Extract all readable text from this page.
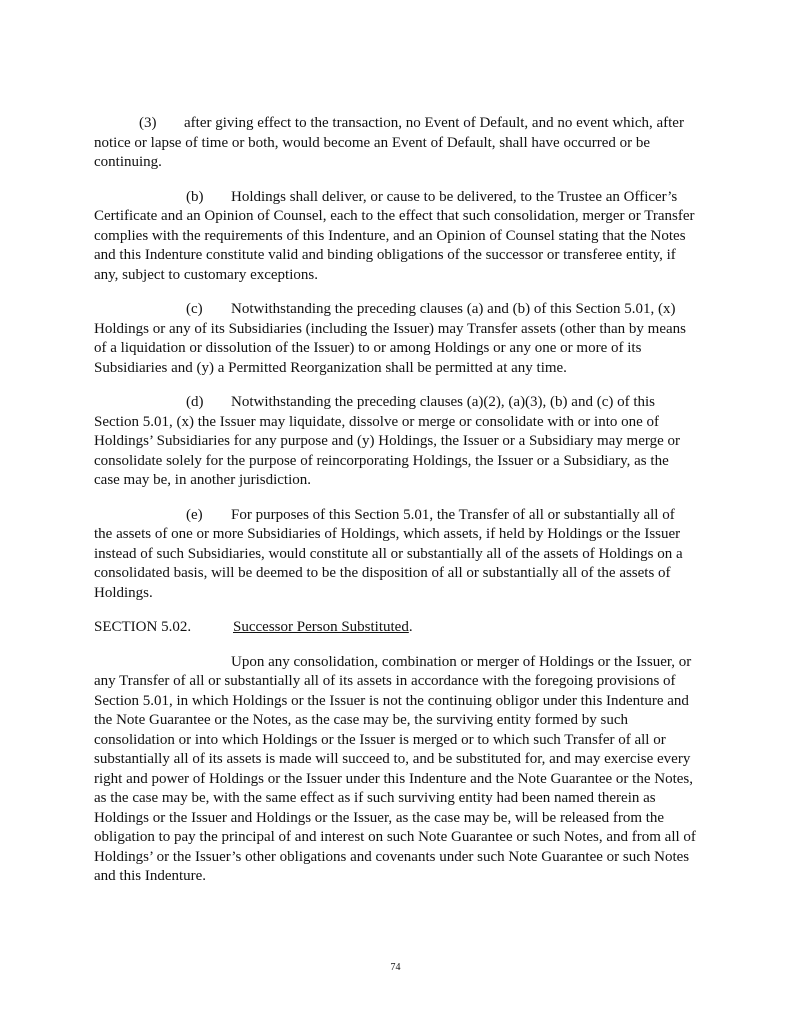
(3) after giving effect to the transaction, no Event of Default, and no event which, after notice or lapse of time or both, would become an Event of Default, shall have occurred or be continuing.

(b) Holdings shall deliver, or cause to be delivered, to the Trustee an Officer’s Certificate and an Opinion of Counsel, each to the effect that such consolidation, merger or Transfer complies with the requirements of this Indenture, and an Opinion of Counsel stating that the Notes and this Indenture constitute valid and binding obligations of the successor or transferee entity, if any, subject to customary exceptions.

(c) Notwithstanding the preceding clauses (a) and (b) of this Section 5.01, (x) Holdings or any of its Subsidiaries (including the Issuer) may Transfer assets (other than by means of a liquidation or dissolution of the Issuer) to or among Holdings or any one or more of its Subsidiaries and (y) a Permitted Reorganization shall be permitted at any time.

(d) Notwithstanding the preceding clauses (a)(2), (a)(3), (b) and (c) of this Section 5.01, (x) the Issuer may liquidate, dissolve or merge or consolidate with or into one of Holdings’ Subsidiaries for any purpose and (y) Holdings, the Issuer or a Subsidiary may merge or consolidate solely for the purpose of reincorporating Holdings, the Issuer or a Subsidiary, as the case may be, in another jurisdiction.

(e) For purposes of this Section 5.01, the Transfer of all or substantially all of the assets of one or more Subsidiaries of Holdings, which assets, if held by Holdings or the Issuer instead of such Subsidiaries, would constitute all or substantially all of the assets of Holdings on a consolidated basis, will be deemed to be the disposition of all or substantially all of the assets of Holdings.

SECTION 5.02.	Successor Person Substituted.

Upon any consolidation, combination or merger of Holdings or the Issuer, or any Transfer of all or substantially all of its assets in accordance with the foregoing provisions of Section 5.01, in which Holdings or the Issuer is not the continuing obligor under this Indenture and the Note Guarantee or the Notes, as the case may be, the surviving entity formed by such consolidation or into which Holdings or the Issuer is merged or to which such Transfer of all or substantially all of its assets is made will succeed to, and be substituted for, and may exercise every right and power of Holdings or the Issuer under this Indenture and the Note Guarantee or the Notes, as the case may be, with the same effect as if such surviving entity had been named therein as Holdings or the Issuer and Holdings or the Issuer, as the case may be, will be released from the obligation to pay the principal of and interest on such Note Guarantee or such Notes, and from all of Holdings’ or the Issuer’s other obligations and covenants under such Note Guarantee or such Notes and this Indenture.

74
